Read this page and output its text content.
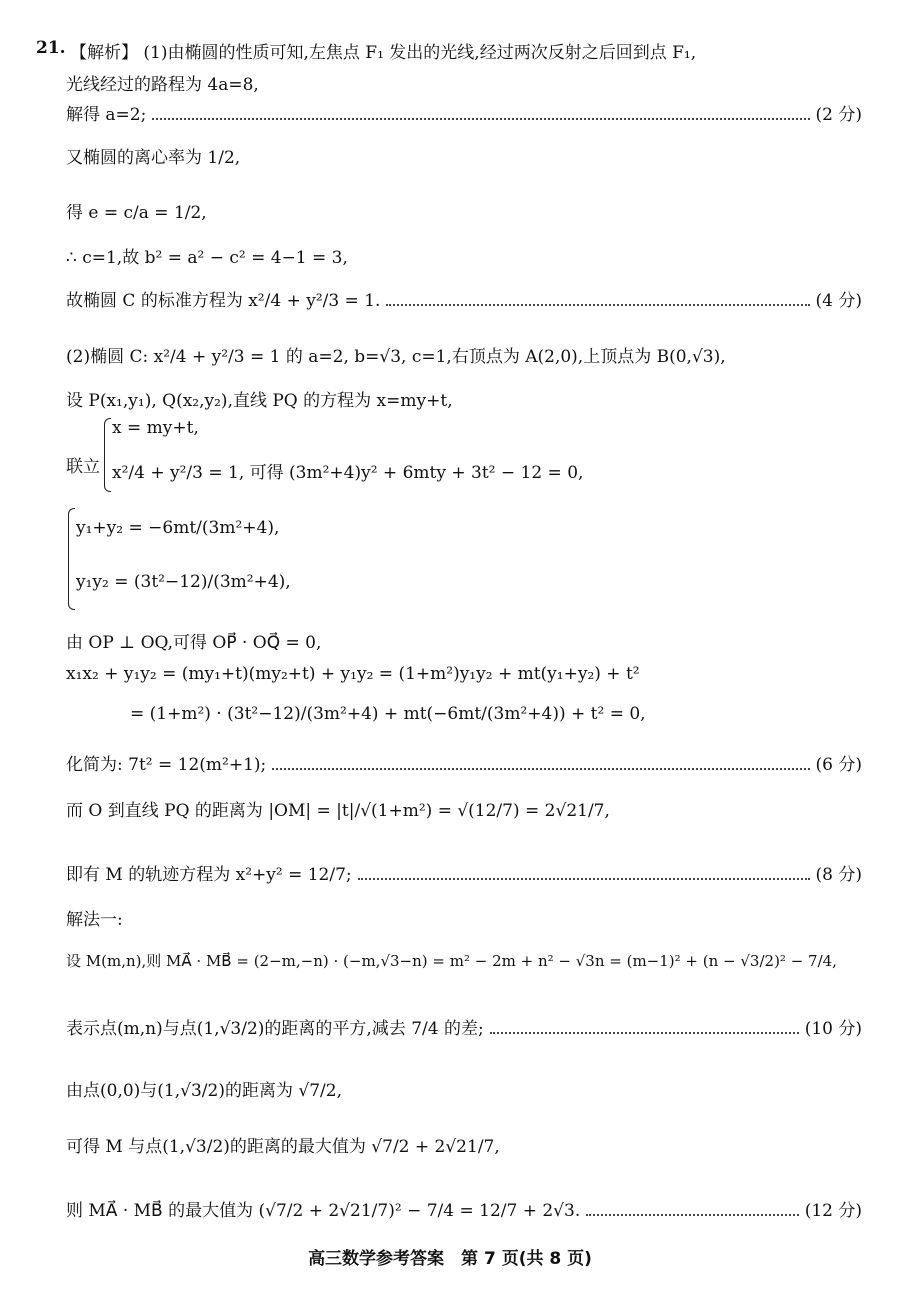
21. 【解析】 (1)由椭圆的性质可知,左焦点 F₁ 发出的光线,经过两次反射之后回到点 F₁,
光线经过的路程为 4a=8,
解得 a=2;	(2 分)
又椭圆的离心率为 1/2,
得 e = c/a = 1/2,
∴ c=1,故 b² = a² − c² = 4−1 = 3,
故椭圆 C 的标准方程为 x²/4 + y²/3 = 1.	(4 分)
(2)椭圆 C: x²/4 + y²/3 = 1 的 a=2, b=√3, c=1,右顶点为 A(2,0),上顶点为 B(0,√3),
设 P(x₁,y₁), Q(x₂,y₂),直线 PQ 的方程为 x=my+t,
联立
x = my+t,
x²/4 + y²/3 = 1, 可得 (3m²+4)y² + 6mty + 3t² − 12 = 0,
y₁+y₂ = −6mt/(3m²+4),
y₁y₂ = (3t²−12)/(3m²+4),
由 OP ⊥ OQ,可得 OP⃗ · OQ⃗ = 0,
x₁x₂ + y₁y₂ = (my₁+t)(my₂+t) + y₁y₂ = (1+m²)y₁y₂ + mt(y₁+y₂) + t²
= (1+m²) · (3t²−12)/(3m²+4) + mt(−6mt/(3m²+4)) + t² = 0,
化简为: 7t² = 12(m²+1);	(6 分)
而 O 到直线 PQ 的距离为 |OM| = |t|/√(1+m²) = √(12/7) = 2√21/7,
即有 M 的轨迹方程为 x²+y² = 12/7;	(8 分)
解法一:
设 M(m,n),则 MA⃗ · MB⃗ = (2−m,−n) · (−m,√3−n) = m² − 2m + n² − √3n = (m−1)² + (n − √3/2)² − 7/4,
表示点(m,n)与点(1,√3/2)的距离的平方,减去 7/4 的差;	(10 分)
由点(0,0)与(1,√3/2)的距离为 √7/2,
可得 M 与点(1,√3/2)的距离的最大值为 √7/2 + 2√21/7,
则 MA⃗ · MB⃗ 的最大值为 (√7/2 + 2√21/7)² − 7/4 = 12/7 + 2√3.	(12 分)
高三数学参考答案　第 7 页(共 8 页)
